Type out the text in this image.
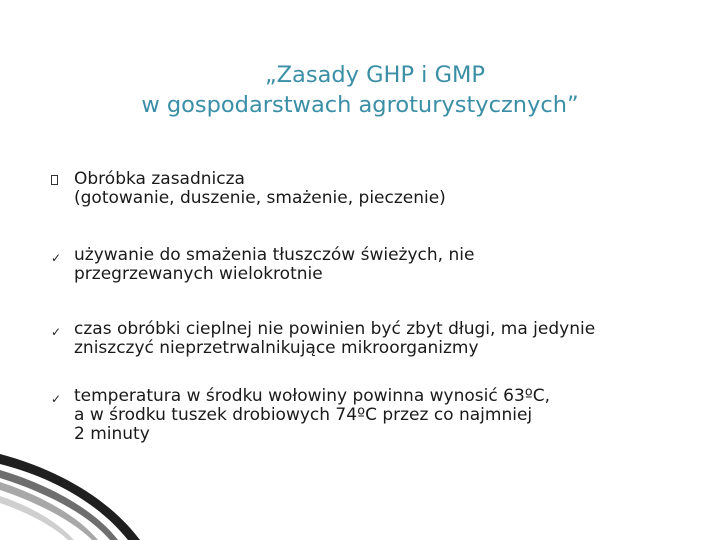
„Zasady GHP i GMP
w gospodarstwach agroturystycznych”
Obróbka zasadnicza
(gotowanie, duszenie, smażenie, pieczenie)
✓ używanie do smażenia tłuszczów świeżych, nie
przegrzewanych wielokrotnie
✓ czas obróbki cieplnej nie powinien być zbyt długi, ma jedynie
zniszczyć nieprzetrwalnikujące mikroorganizmy
✓ temperatura w środku wołowiny powinna wynosić 63ºC,
a w środku tuszek drobiowych 74ºC przez co najmniej
2 minuty
